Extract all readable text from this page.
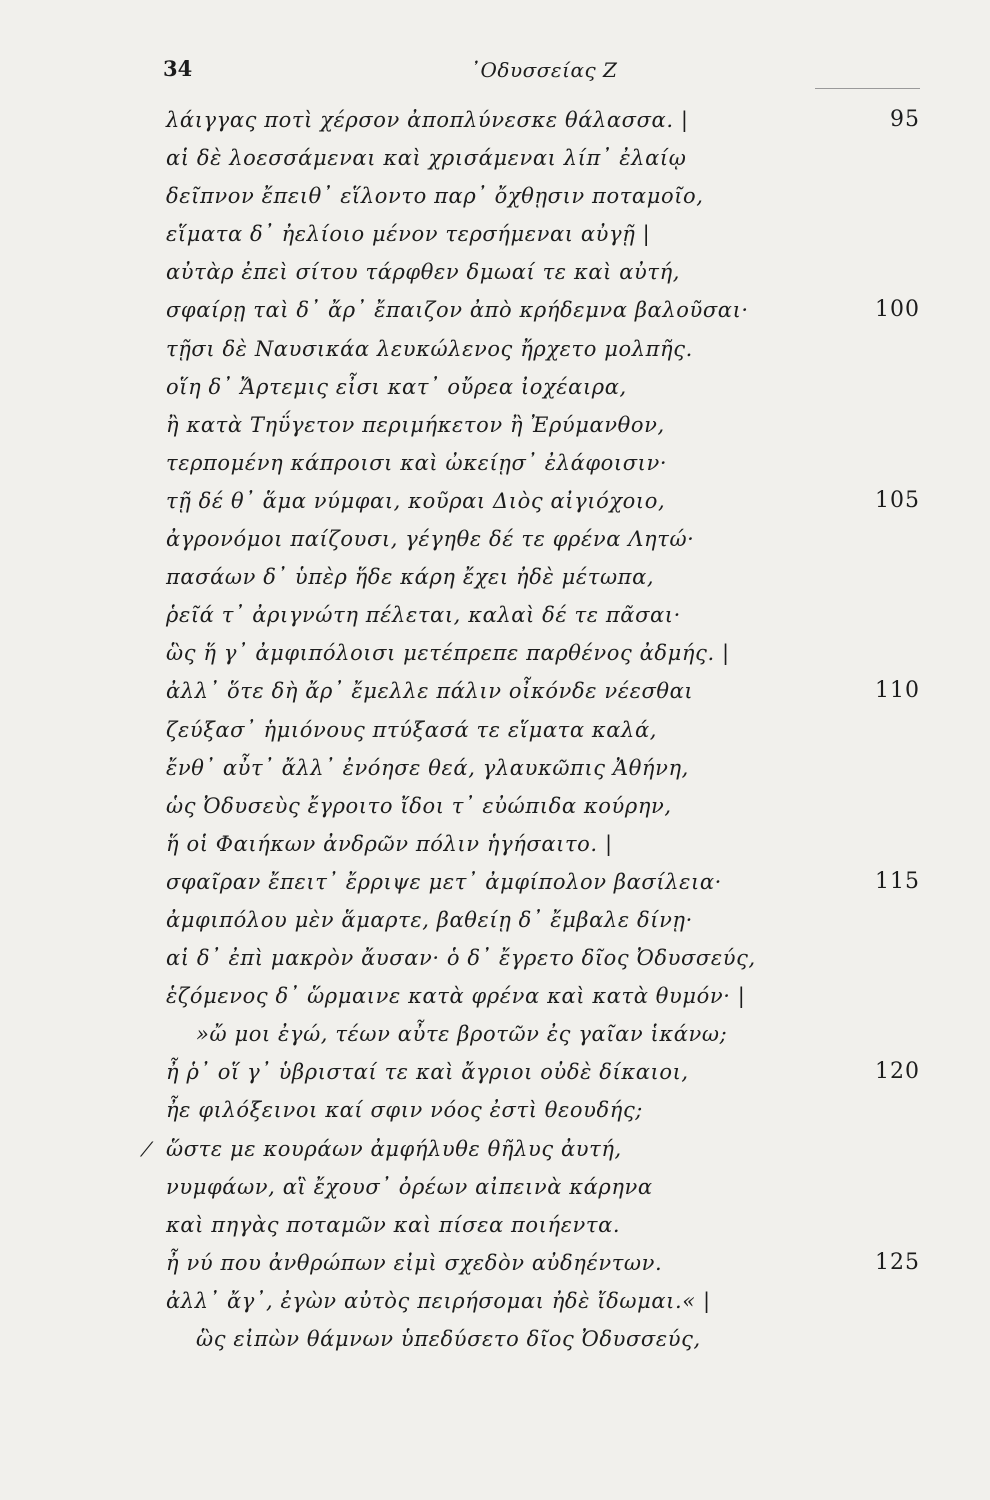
34	᾿Οδυσσείας Ζ
λάιγγας ποτὶ χέρσον ἀποπλύνεσκε θάλασσα. |	95
αἱ δὲ λοεσσάμεναι καὶ χρισάμεναι λίπ᾿ ἐλαίῳ
δεῖπνον ἔπειθ᾿ εἵλοντο παρ᾿ ὄχθῃσιν ποταμοῖο,
εἵματα δ᾿ ἠελίοιο μένον τερσήμεναι αὐγῇ |
αὐτὰρ ἐπεὶ σίτου τάρφθεν δμωαί τε καὶ αὐτή,
σφαίρῃ ταὶ δ᾿ ἄρ᾿ ἔπαιζον ἀπὸ κρήδεμνα βαλοῦσαι·	100
τῇσι δὲ Ναυσικάα λευκώλενος ἤρχετο μολπῆς.
οἵη δ᾿ Ἄρτεμις εἶσι κατ᾿ οὔρεα ἰοχέαιρα,
ἢ κατὰ Τηΰγετον περιμήκετον ἢ Ἐρύμανθον,
τερπομένη κάπροισι καὶ ὠκείῃσ᾿ ἐλάφοισιν·
τῇ δέ θ᾿ ἅμα νύμφαι, κοῦραι Διὸς αἰγιόχοιο,	105
ἀγρονόμοι παίζουσι, γέγηθε δέ τε φρένα Λητώ·
πασάων δ᾿ ὑπὲρ ἥδε κάρη ἔχει ἠδὲ μέτωπα,
ῥεῖά τ᾿ ἀριγνώτη πέλεται, καλαὶ δέ τε πᾶσαι·
ὣς ἥ γ᾿ ἀμφιπόλοισι μετέπρεπε παρθένος ἀδμής. |
ἀλλ᾿ ὅτε δὴ ἄρ᾿ ἔμελλε πάλιν οἶκόνδε νέεσθαι	110
ζεύξασ᾿ ἡμιόνους πτύξασά τε εἵματα καλά,
ἔνθ᾿ αὖτ᾿ ἄλλ᾿ ἐνόησε θεά, γλαυκῶπις Ἀθήνη,
ὡς Ὀδυσεὺς ἔγροιτο ἴδοι τ᾿ εὐώπιδα κούρην,
ἥ οἱ Φαιήκων ἀνδρῶν πόλιν ἡγήσαιτο. |
σφαῖραν ἔπειτ᾿ ἔρριψε μετ᾿ ἀμφίπολον βασίλεια·	115
ἀμφιπόλου μὲν ἅμαρτε, βαθείῃ δ᾿ ἔμβαλε δίνῃ·
αἱ δ᾿ ἐπὶ μακρὸν ἄυσαν· ὁ δ᾿ ἔγρετο δῖος Ὀδυσσεύς,
ἑζόμενος δ᾿ ὥρμαινε κατὰ φρένα καὶ κατὰ θυμόν· |
»ὤ μοι ἐγώ, τέων αὖτε βροτῶν ἐς γαῖαν ἱκάνω;
ἦ ῥ᾿ οἵ γ᾿ ὑβρισταί τε καὶ ἄγριοι οὐδὲ δίκαιοι,	120
ἦε φιλόξεινοι καί σφιν νόος ἐστὶ θεουδής;
⁄ ὥστε με κουράων ἀμφήλυθε θῆλυς ἀυτή,
νυμφάων, αἳ ἔχουσ᾿ ὀρέων αἰπεινὰ κάρηνα
καὶ πηγὰς ποταμῶν καὶ πίσεα ποιήεντα.
ἦ νύ που ἀνθρώπων εἰμὶ σχεδὸν αὐδηέντων.	125
ἀλλ᾿ ἄγ᾿, ἐγὼν αὐτὸς πειρήσομαι ἠδὲ ἴδωμαι.« |
ὣς εἰπὼν θάμνων ὑπεδύσετο δῖος Ὀδυσσεύς,
